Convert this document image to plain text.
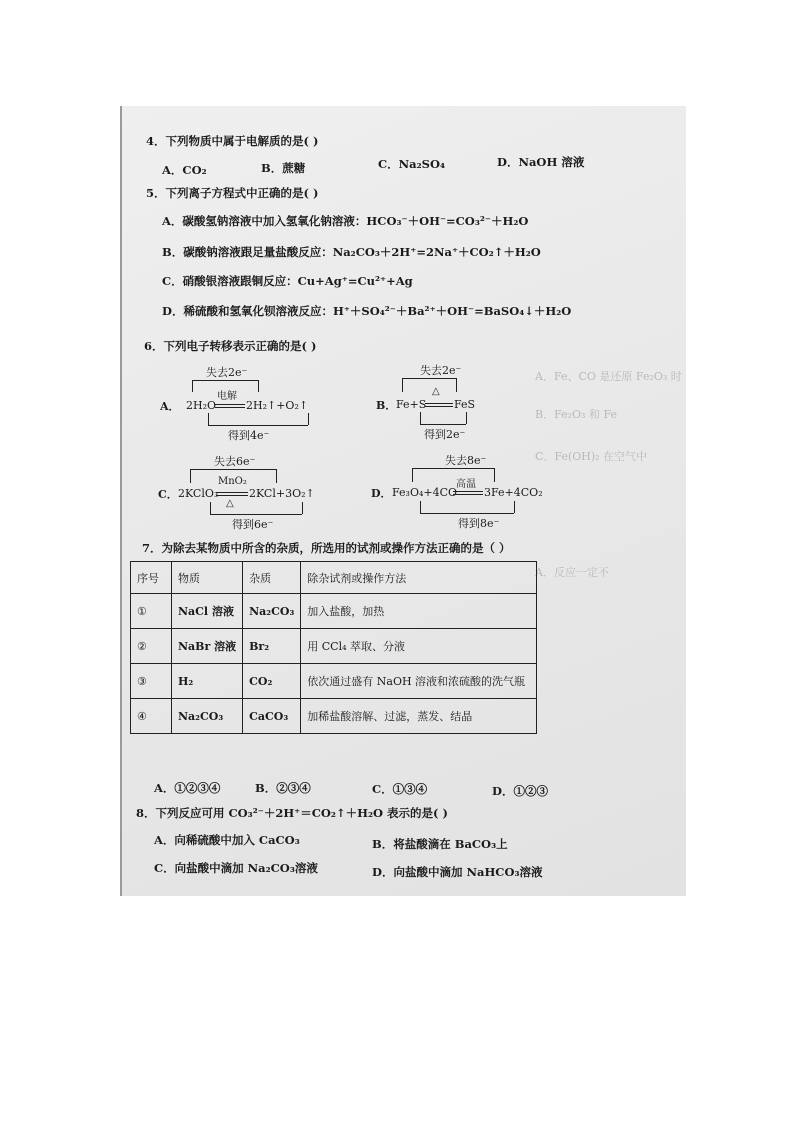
A．Fe、CO 是还原 Fe₂O₃ 时
B．Fe₂O₃ 和 Fe
C．Fe(OH)₂ 在空气中
A．反应一定不
4．下列物质中属于电解质的是( )
A．CO₂	B．蔗糖	C．Na₂SO₄	D．NaOH 溶液
5．下列离子方程式中正确的是( )
A．碳酸氢钠溶液中加入氢氧化钠溶液：HCO₃⁻＋OH⁻=CO₃²⁻＋H₂O
B．碳酸钠溶液跟足量盐酸反应：Na₂CO₃＋2H⁺=2Na⁺＋CO₂↑＋H₂O
C．硝酸银溶液跟铜反应：Cu+Ag⁺=Cu²⁺+Ag
D．稀硫酸和氢氧化钡溶液反应：H⁺＋SO₄²⁻＋Ba²⁺＋OH⁻=BaSO₄↓＋H₂O
6．下列电子转移表示正确的是( )
A．
失去2e⁻
电解
2H₂O	2H₂↑+O₂↑
得到4e⁻
B．
失去2e⁻
△
Fe+S	FeS
得到2e⁻
C．
失去6e⁻
MnO₂
2KClO₃	2KCl+3O₂↑
△
得到6e⁻
D．
失去8e⁻
高温
Fe₃O₄+4CO 3Fe+4CO₂
得到8e⁻
7．为除去某物质中所含的杂质，所选用的试剂或操作方法正确的是（ ）
序号	物质	杂质	除杂试剂或操作方法
①	NaCl 溶液	Na₂CO₃	加入盐酸，加热
②	NaBr 溶液	Br₂	用 CCl₄ 萃取、分液
③	H₂	CO₂	依次通过盛有 NaOH 溶液和浓硫酸的洗气瓶
④	Na₂CO₃	CaCO₃	加稀盐酸溶解、过滤，蒸发、结晶
A．①②③④	B．②③④	C．①③④	D．①②③
8．下列反应可用 CO₃²⁻＋2H⁺＝CO₂↑＋H₂O 表示的是( )
A．向稀硫酸中加入 CaCO₃	B．将盐酸滴在 BaCO₃上
C．向盐酸中滴加 Na₂CO₃溶液	D．向盐酸中滴加 NaHCO₃溶液
